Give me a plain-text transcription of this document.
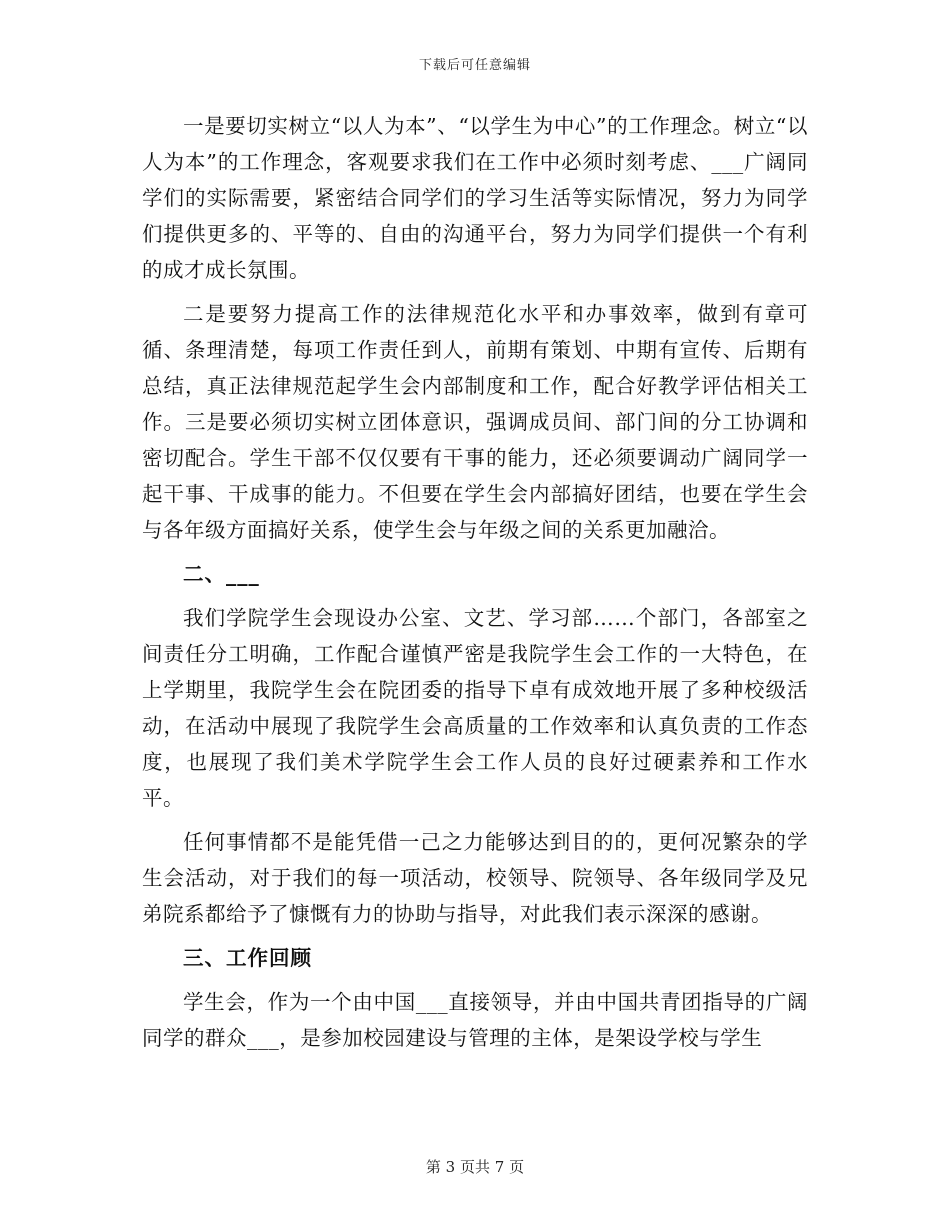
下载后可任意编辑

一是要切实树立“以人为本”、“以学生为中心”的工作理念。树立“以人为本”的工作理念，客观要求我们在工作中必须时刻考虑、___广阔同学们的实际需要，紧密结合同学们的学习生活等实际情况，努力为同学们提供更多的、平等的、自由的沟通平台，努力为同学们提供一个有利的成才成长氛围。

二是要努力提高工作的法律规范化水平和办事效率，做到有章可循、条理清楚，每项工作责任到人，前期有策划、中期有宣传、后期有总结，真正法律规范起学生会内部制度和工作，配合好教学评估相关工作。三是要必须切实树立团体意识，强调成员间、部门间的分工协调和密切配合。学生干部不仅仅要有干事的能力，还必须要调动广阔同学一起干事、干成事的能力。不但要在学生会内部搞好团结，也要在学生会与各年级方面搞好关系，使学生会与年级之间的关系更加融洽。

二、___

我们学院学生会现设办公室、文艺、学习部……个部门，各部室之间责任分工明确，工作配合谨慎严密是我院学生会工作的一大特色，在上学期里，我院学生会在院团委的指导下卓有成效地开展了多种校级活动，在活动中展现了我院学生会高质量的工作效率和认真负责的工作态度，也展现了我们美术学院学生会工作人员的良好过硬素养和工作水平。

任何事情都不是能凭借一己之力能够达到目的的，更何况繁杂的学生会活动，对于我们的每一项活动，校领导、院领导、各年级同学及兄弟院系都给予了慷慨有力的协助与指导，对此我们表示深深的感谢。

三、工作回顾

学生会，作为一个由中国___直接领导，并由中国共青团指导的广阔同学的群众___，是参加校园建设与管理的主体，是架设学校与学生

第 3 页共 7 页
